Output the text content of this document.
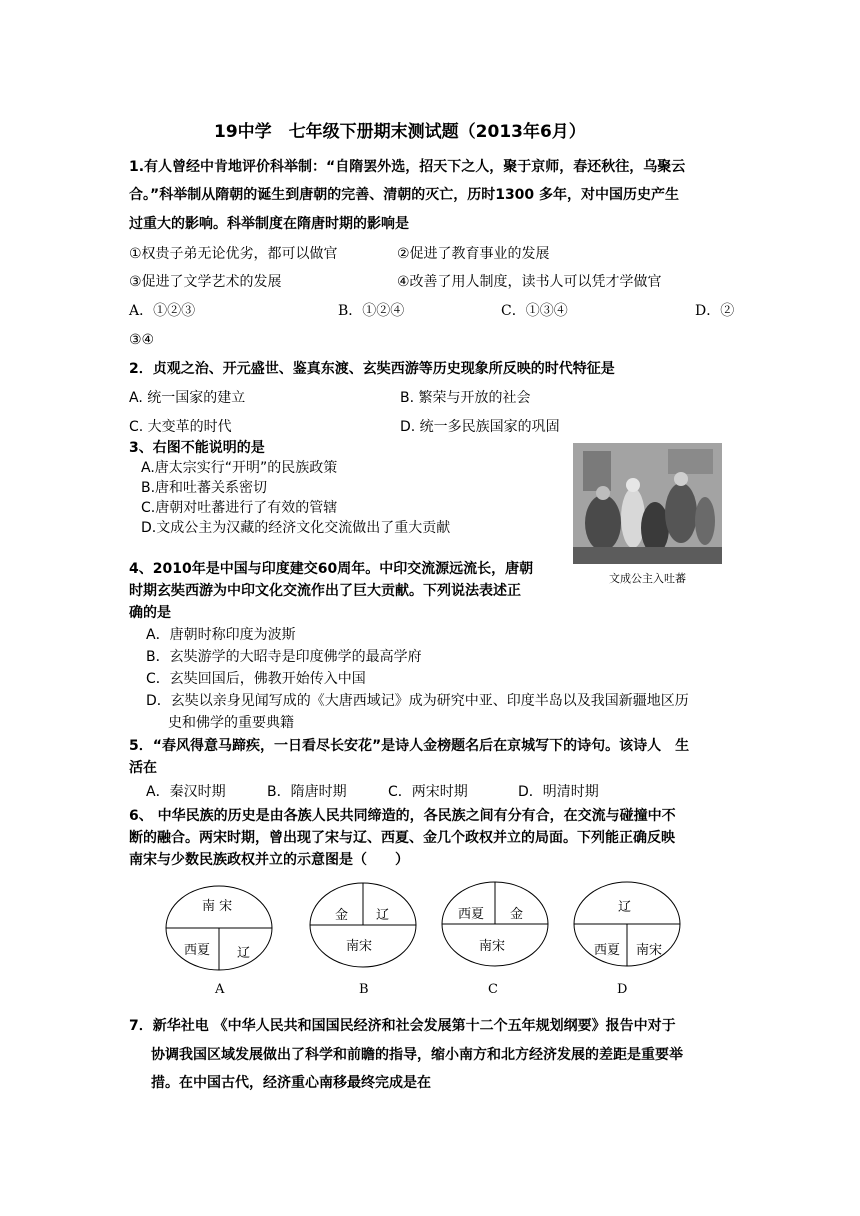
19中学　七年级下册期末测试题（2013年6月）
1.有人曾经中肯地评价科举制：“自隋罢外选，招天下之人，聚于京师，春还秋往，乌聚云
合。”科举制从隋朝的诞生到唐朝的完善、清朝的灭亡，历时1300 多年，对中国历史产生
过重大的影响。科举制度在隋唐时期的影响是
①权贵子弟无论优劣，都可以做官	②促进了教育事业的发展
③促进了文学艺术的发展	④改善了用人制度，读书人可以凭才学做官
A．①②③	B．①②④	C．①③④	D．②
③④
2．贞观之治、开元盛世、鉴真东渡、玄奘西游等历史现象所反映的时代特征是
A. 统一国家的建立	B. 繁荣与开放的社会
C. 大变革的时代	D. 统一多民族国家的巩固
3、右图不能说明的是
A.唐太宗实行“开明”的民族政策
B.唐和吐蕃关系密切
C.唐朝对吐蕃进行了有效的管辖
D.文成公主为汉藏的经济文化交流做出了重大贡献
文成公主入吐蕃
4、2010年是中国与印度建交60周年。中印交流源远流长，唐朝
时期玄奘西游为中印文化交流作出了巨大贡献。下列说法表述正
确的是
A．唐朝时称印度为波斯
B．玄奘游学的大昭寺是印度佛学的最高学府
C．玄奘回国后，佛教开始传入中国
D．玄奘以亲身见闻写成的《大唐西域记》成为研究中亚、印度半岛以及我国新疆地区历
史和佛学的重要典籍
5．“春风得意马蹄疾，一日看尽长安花”是诗人金榜题名后在京城写下的诗句。该诗人　生
活在
A．秦汉时期	B．隋唐时期	C．两宋时期	D．明清时期
6、 中华民族的历史是由各族人民共同缔造的，各民族之间有分有合，在交流与碰撞中不
断的融合。两宋时期，曾出现了宋与辽、西夏、金几个政权并立的局面。下列能正确反映
南宋与少数民族政权并立的示意图是（　　）
南 宋
西夏 辽
A
金 辽
南宋
B
西夏 金
南宋
C
辽
西夏 南宋
D
7．新华社电 《中华人民共和国国民经济和社会发展第十二个五年规划纲要》报告中对于
协调我国区域发展做出了科学和前瞻的指导，缩小南方和北方经济发展的差距是重要举
措。在中国古代，经济重心南移最终完成是在
